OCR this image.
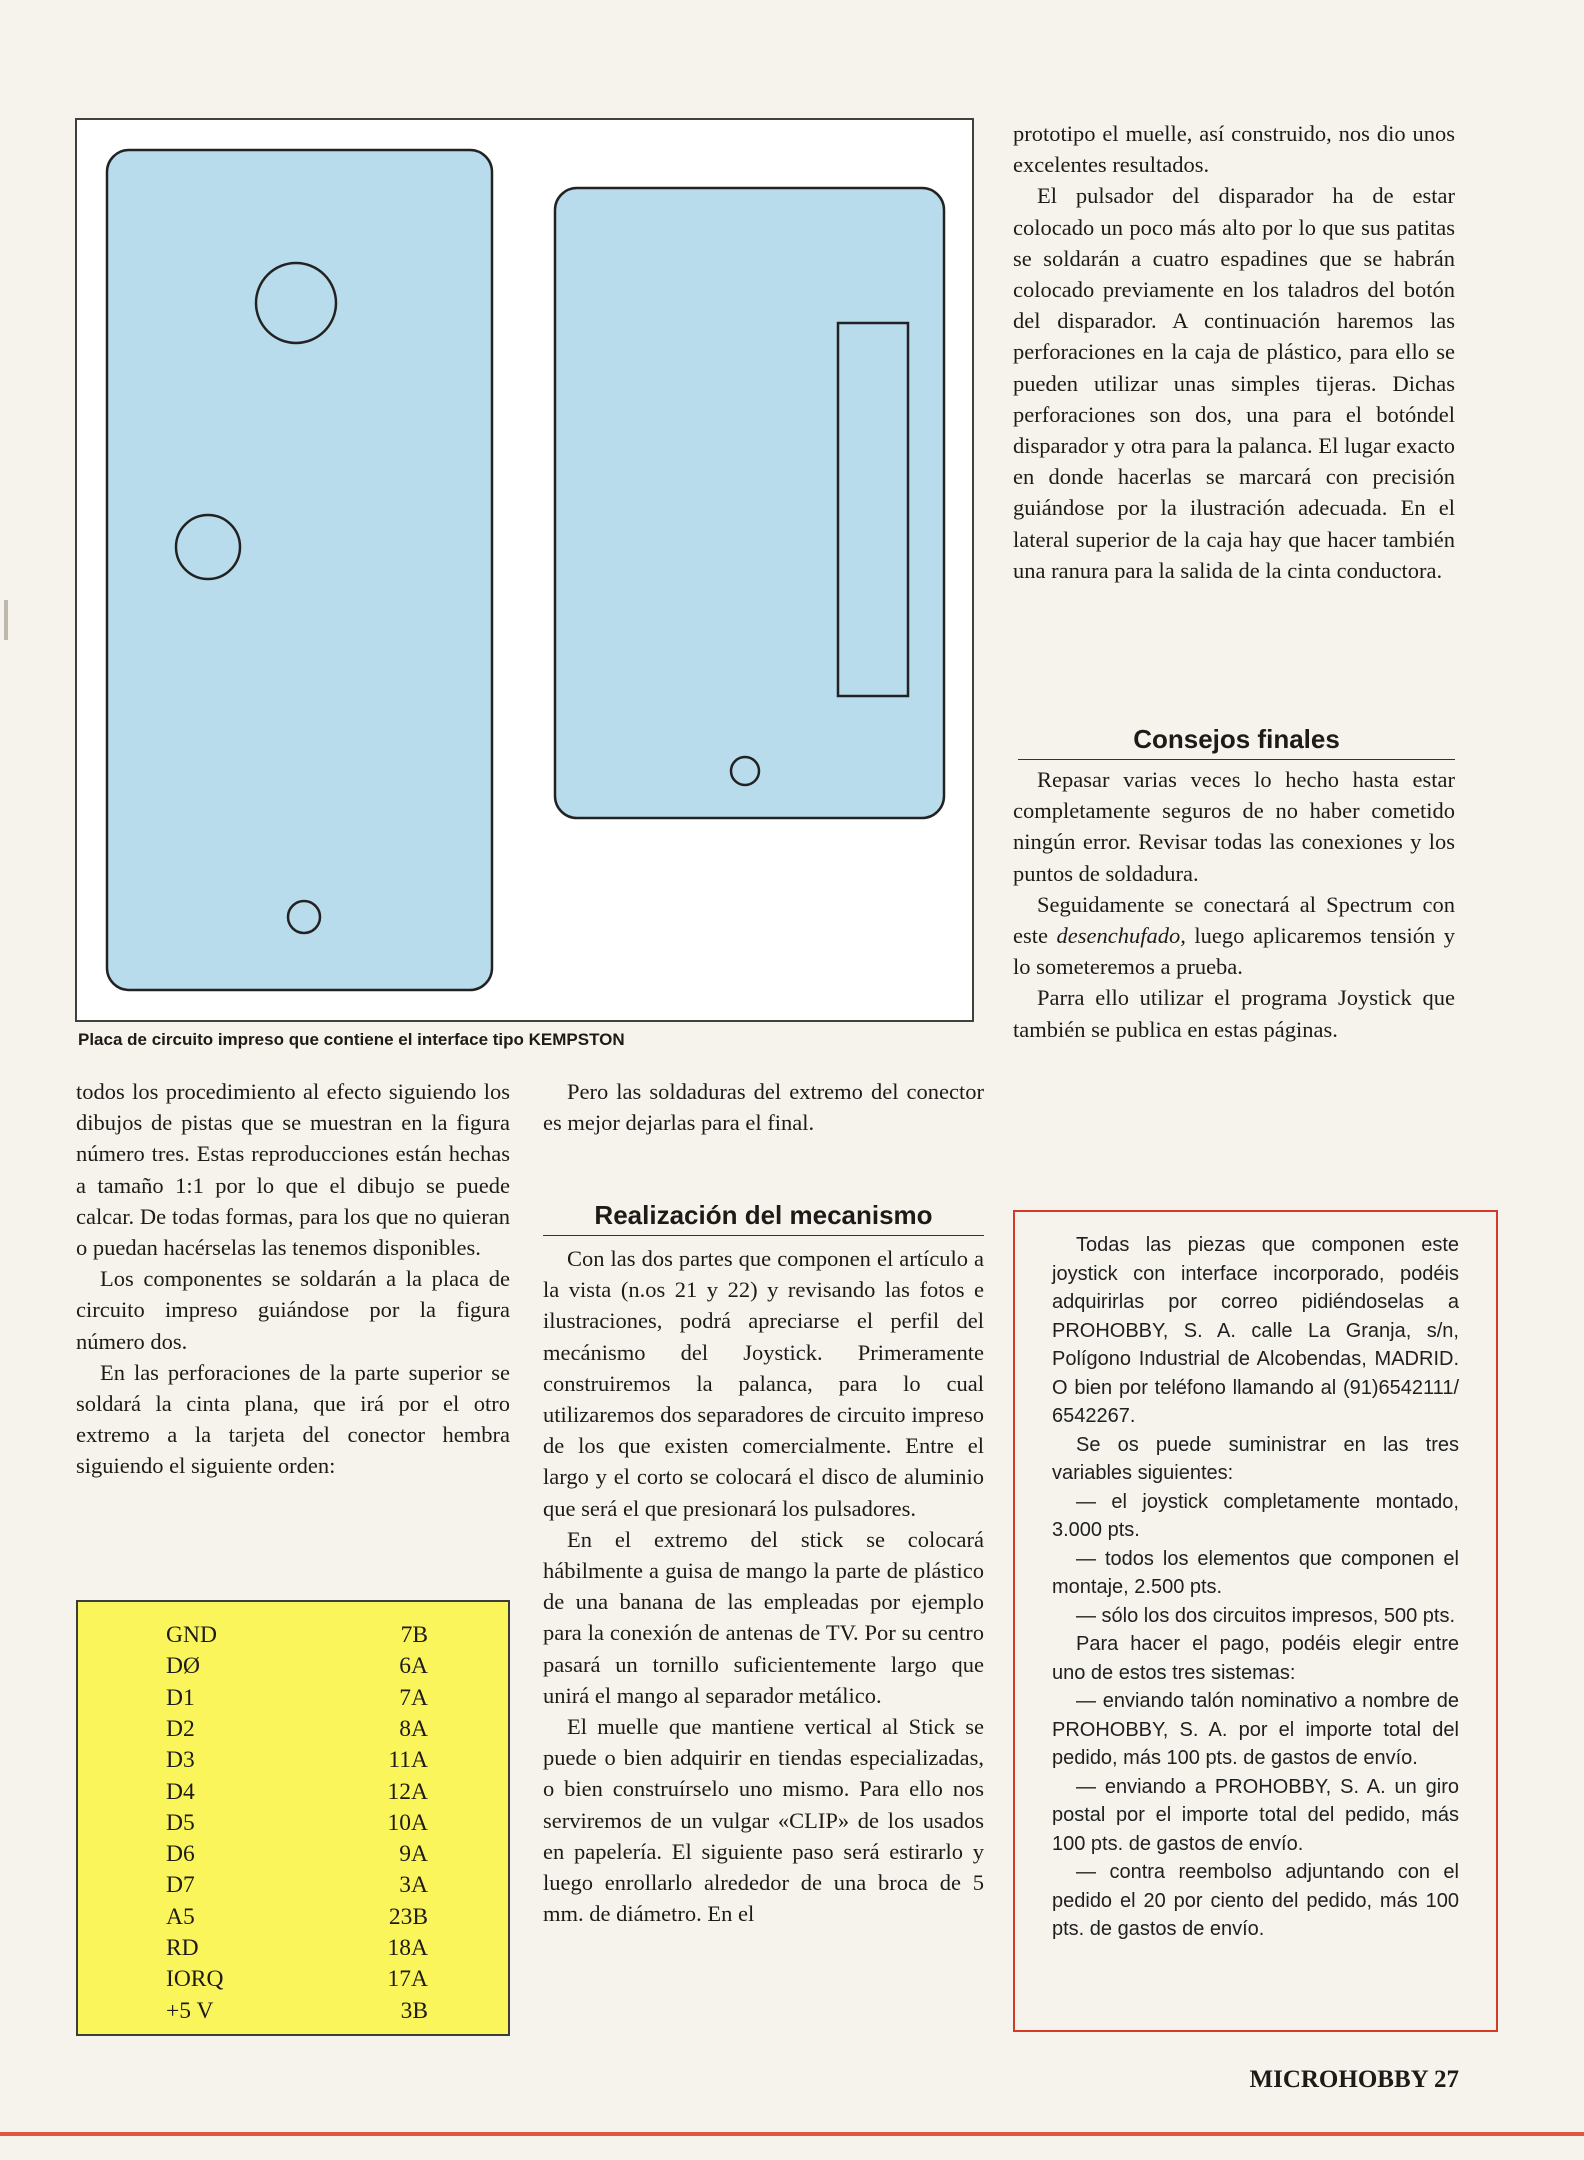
Placa de circuito impreso que contiene el interface tipo KEMPSTON

prototipo el muelle, así construido, nos dio unos excelentes resultados.

El pulsador del disparador ha de estar colocado un poco más alto por lo que sus patitas se soldarán a cuatro espadines que se habrán colocado previamente en los taladros del botón del disparador. A continuación haremos las perforaciones en la caja de plástico, para ello se pueden utilizar unas simples tijeras. Dichas perforaciones son dos, una para el botóndel disparador y otra para la palanca. El lugar exacto en donde hacerlas se marcará con precisión guiándose por la ilustración adecuada. En el lateral superior de la caja hay que hacer también una ranura para la salida de la cinta conductora.

Consejos finales

Repasar varias veces lo hecho hasta estar completamente seguros de no haber cometido ningún error. Revisar todas las conexiones y los puntos de soldadura.

Seguidamente se conectará al Spectrum con este desenchufado, luego aplicaremos tensión y lo someteremos a prueba.

Parra ello utilizar el programa Joystick que también se publica en estas páginas.

todos los procedimiento al efecto siguiendo los dibujos de pistas que se muestran en la figura número tres. Estas reproducciones están hechas a tamaño 1:1 por lo que el dibujo se puede calcar. De todas formas, para los que no quieran o puedan hacérselas las tenemos disponibles.

Los componentes se soldarán a la placa de circuito impreso guiándose por la figura número dos.

En las perforaciones de la parte superior se soldará la cinta plana, que irá por el otro extremo a la tarjeta del conector hembra siguiendo el siguiente orden:

GND	7B
DØ	6A
D1	7A
D2	8A
D3	11A
D4	12A
D5	10A
D6	9A
D7	3A
A5	23B
RD	18A
IORQ	17A
+5 V	3B

Pero las soldaduras del extremo del conector es mejor dejarlas para el final.

Realización del mecanismo

Con las dos partes que componen el artículo a la vista (n.os 21 y 22) y revisando las fotos e ilustraciones, podrá apreciarse el perfil del mecánismo del Joystick. Primeramente construiremos la palanca, para lo cual utilizaremos dos separadores de circuito impreso de los que existen comercialmente. Entre el largo y el corto se colocará el disco de aluminio que será el que presionará los pulsadores.

En el extremo del stick se colocará hábilmente a guisa de mango la parte de plástico de una banana de las empleadas por ejemplo para la conexión de antenas de TV. Por su centro pasará un tornillo suficientemente largo que unirá el mango al separador metálico.

El muelle que mantiene vertical al Stick se puede o bien adquirir en tiendas especializadas, o bien construírselo uno mismo. Para ello nos serviremos de un vulgar «CLIP» de los usados en papelería. El siguiente paso será estirarlo y luego enrollarlo alrededor de una broca de 5 mm. de diámetro. En el

Todas las piezas que componen este joystick con interface incorporado, podéis adquirirlas por correo pidiéndoselas a PROHOBBY, S. A. calle La Granja, s/n, Polígono Industrial de Alcobendas, MADRID. O bien por teléfono llamando al (91)6542111/ 6542267.

Se os puede suministrar en las tres variables siguientes:

— el joystick completamente montado, 3.000 pts.

— todos los elementos que componen el montaje, 2.500 pts.

— sólo los dos circuitos impresos, 500 pts.

Para hacer el pago, podéis elegir entre uno de estos tres sistemas:

— enviando talón nominativo a nombre de PROHOBBY, S. A. por el importe total del pedido, más 100 pts. de gastos de envío.

— enviando a PROHOBBY, S. A. un giro postal por el importe total del pedido, más 100 pts. de gastos de envío.

— contra reembolso adjuntando con el pedido el 20 por ciento del pedido, más 100 pts. de gastos de envío.

MICROHOBBY 27
